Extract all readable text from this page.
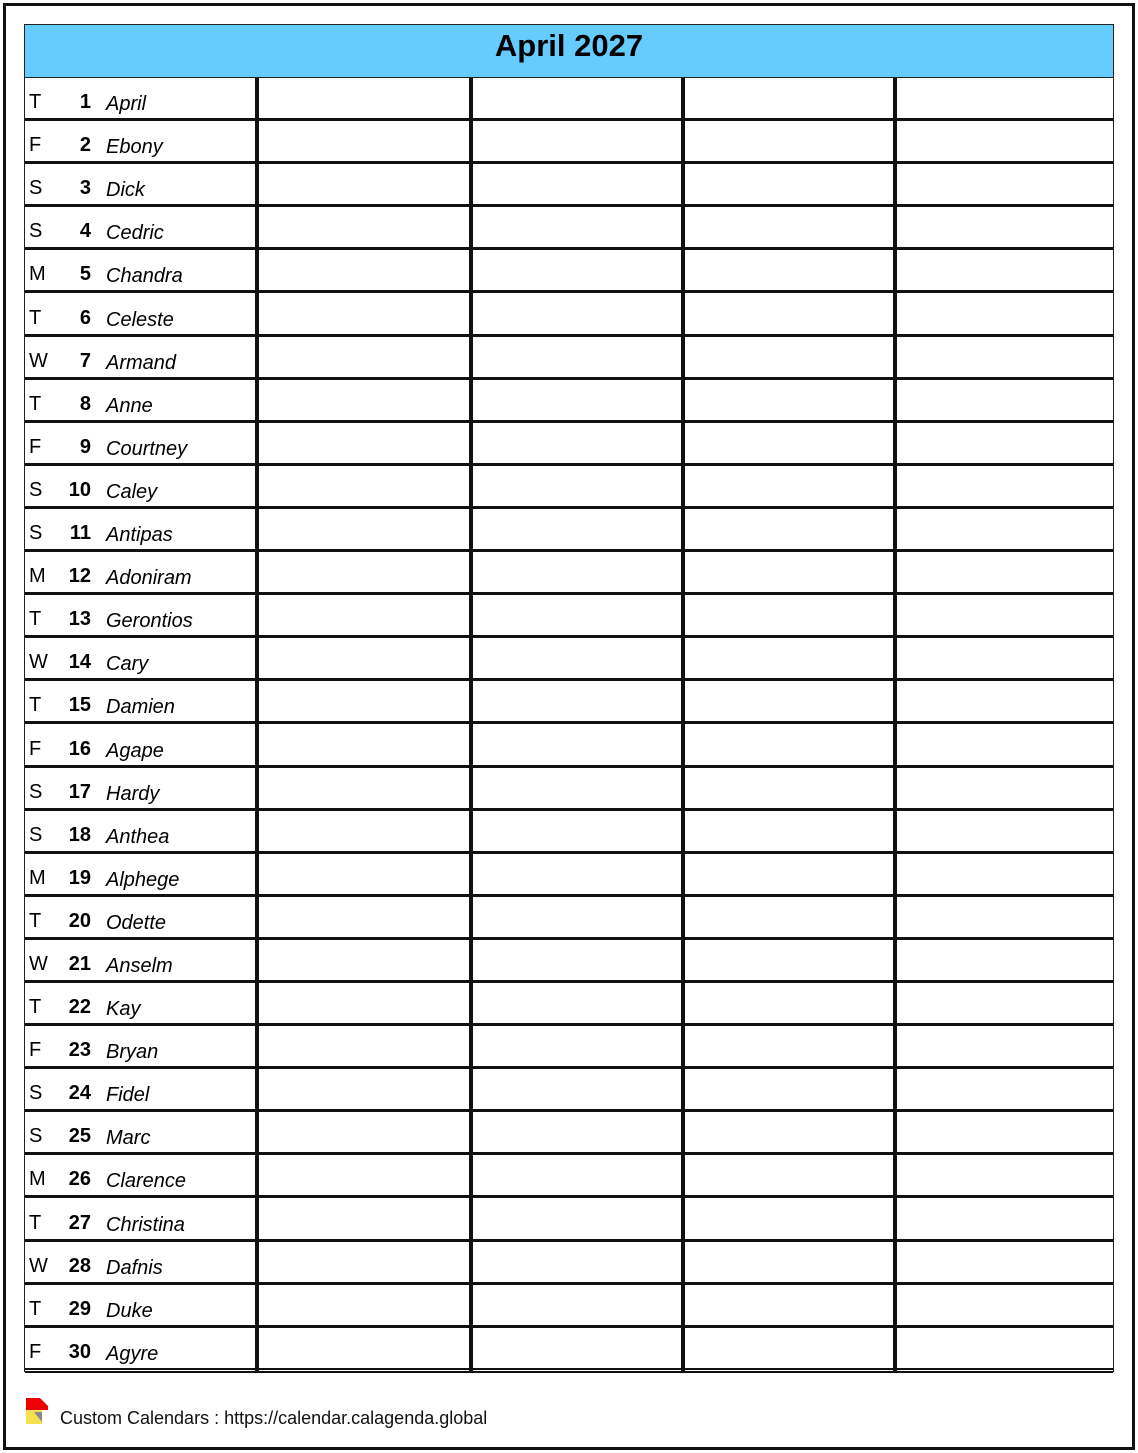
April 2027
T	1 April
F	2 Ebony
S	3 Dick
S	4 Cedric
M	5 Chandra
T	6 Celeste
W	7 Armand
T	8 Anne
F	9 Courtney
S	10 Caley
S	11 Antipas
M	12 Adoniram
T	13 Gerontios
W	14 Cary
T	15 Damien
F	16 Agape
S	17 Hardy
S	18 Anthea
M	19 Alphege
T	20 Odette
W	21 Anselm
T	22 Kay
F	23 Bryan
S	24 Fidel
S	25 Marc
M	26 Clarence
T	27 Christina
W	28 Dafnis
T	29 Duke
F	30 Agyre
Custom Calendars : https://calendar.calagenda.global
